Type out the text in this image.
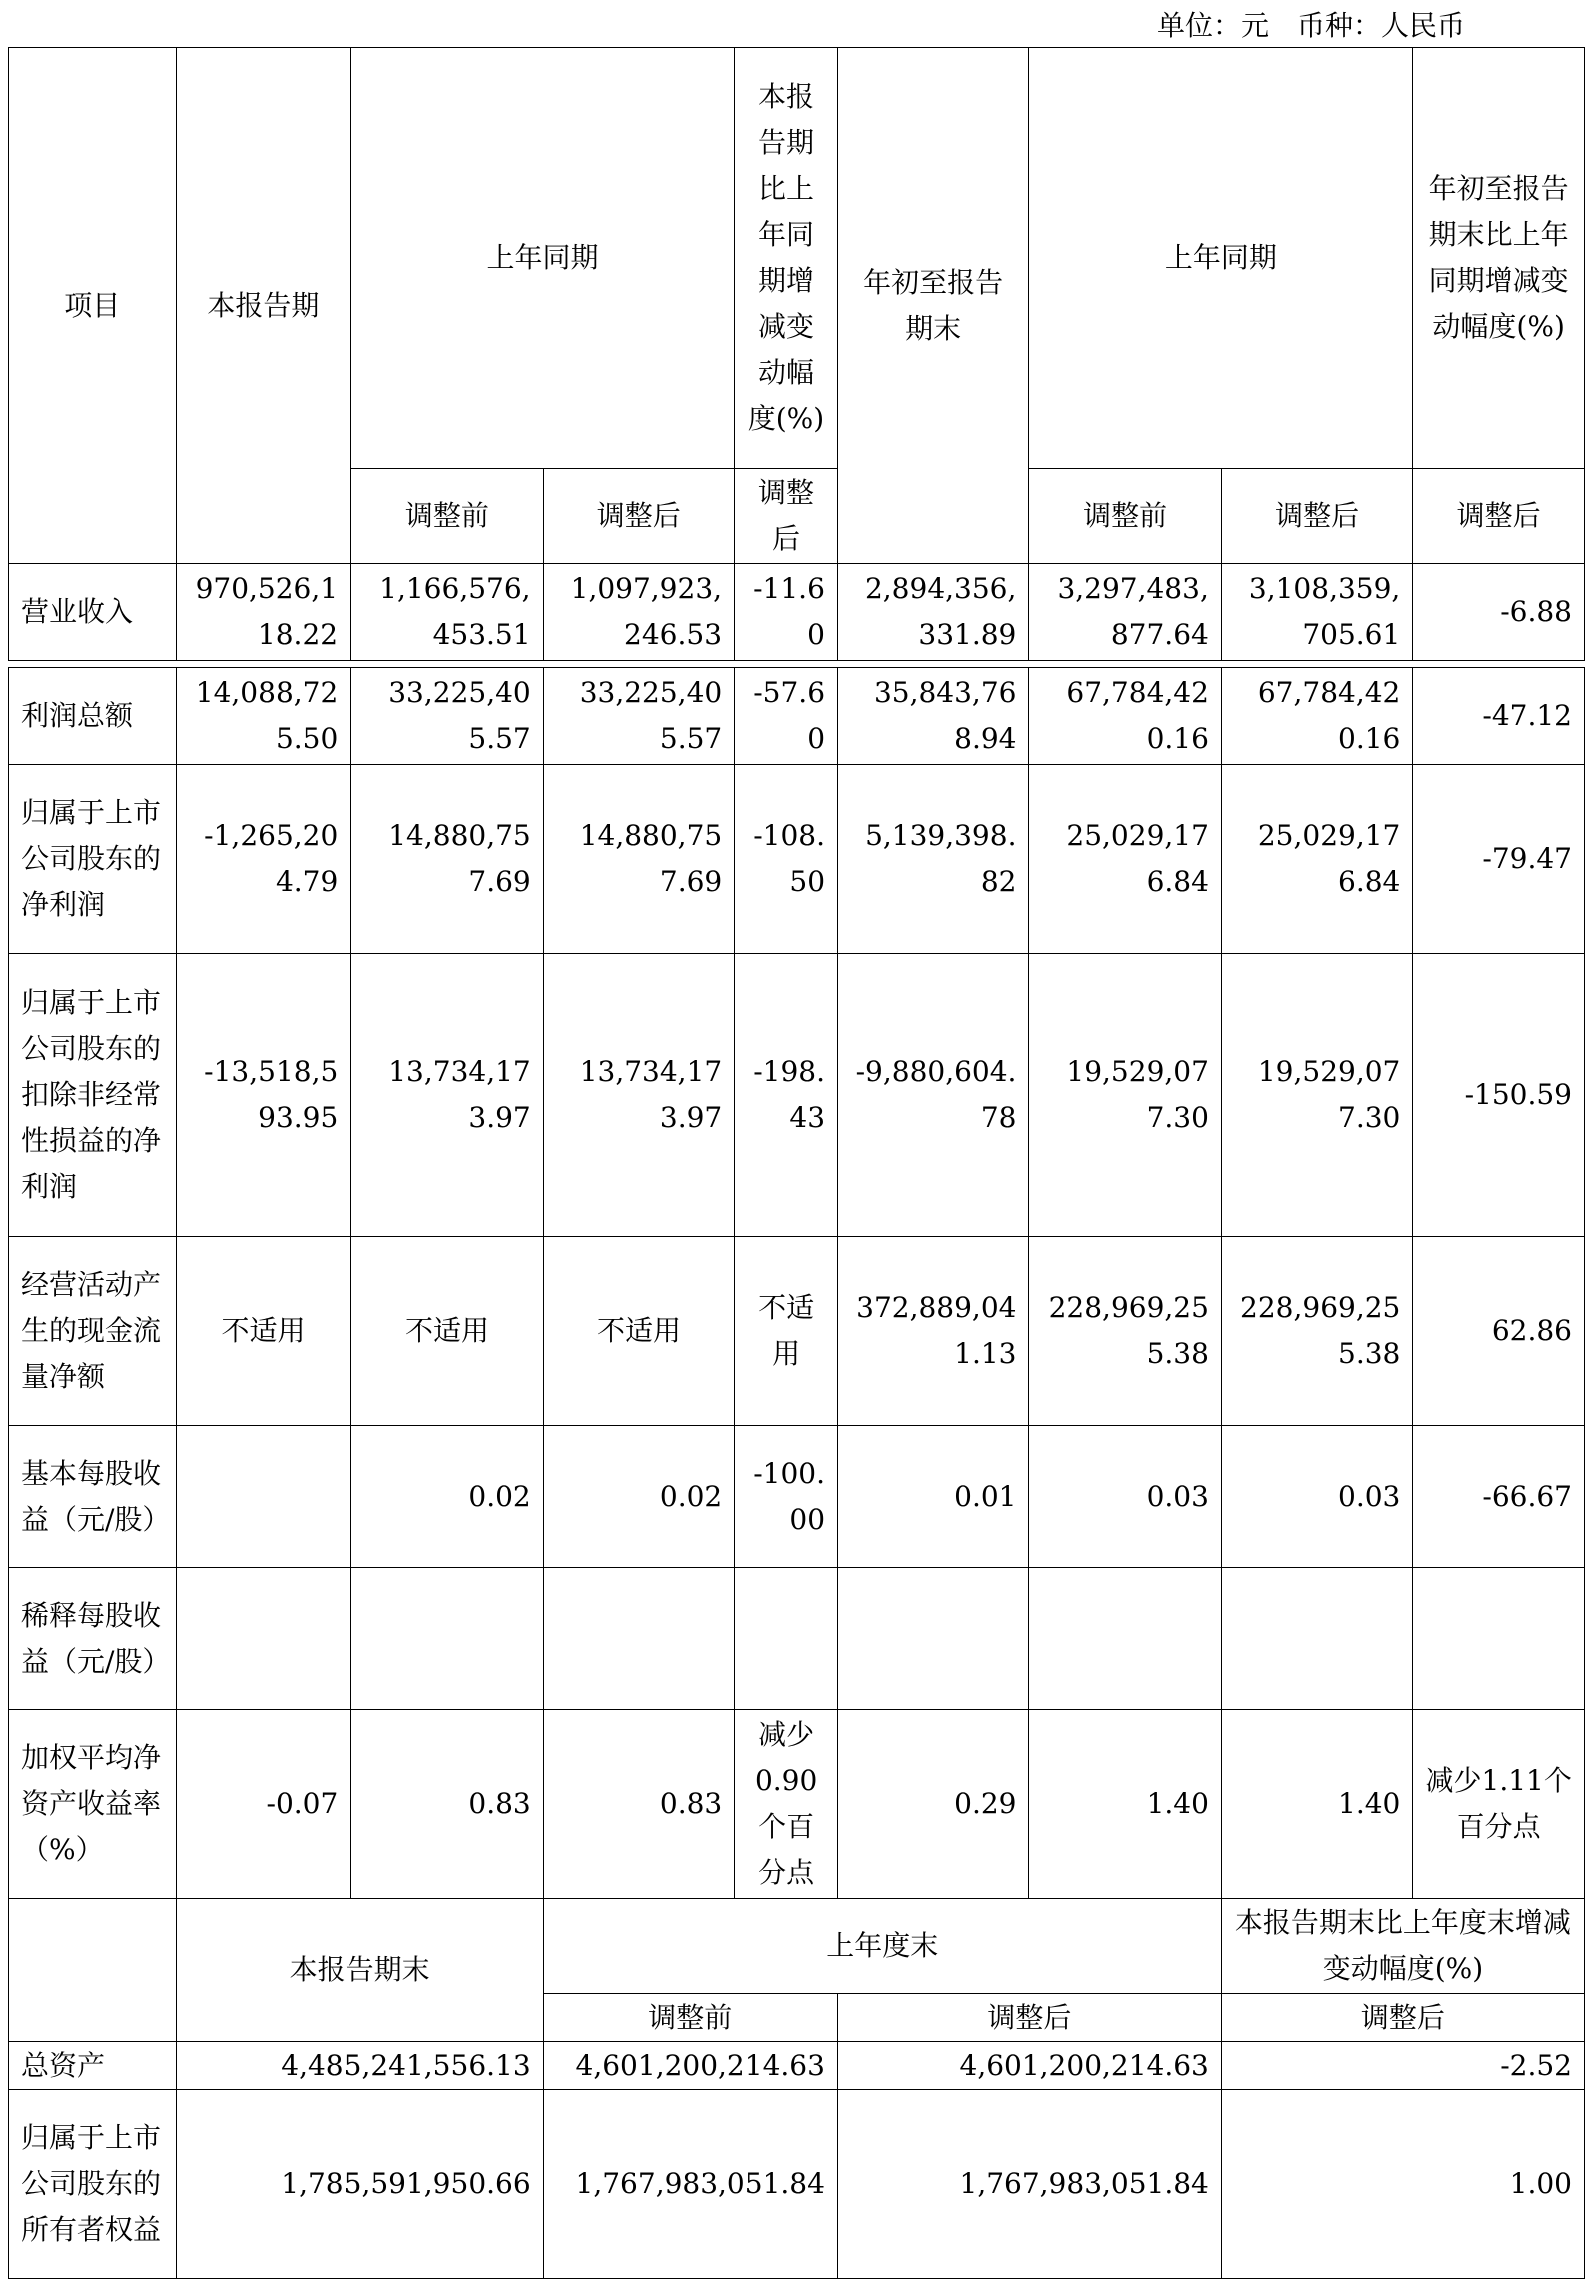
单位：元　币种：人民币
项目	本报告期	上年同期		本报告期比上年同期增减变动幅度(%)	年初至报告期末	上年同期		年初至报告期末比上年同期增减变动幅度(%)
		调整前	调整后	调整后		调整前	调整后	调整后
营业收入	970,526,118.22	1,166,576,453.51	1,097,923,246.53	-11.60	2,894,356,331.89	3,297,483,877.64	3,108,359,705.61	-6.88
利润总额	14,088,725.50	33,225,405.57	33,225,405.57	-57.60	35,843,768.94	67,784,420.16	67,784,420.16	-47.12
归属于上市公司股东的净利润	-1,265,204.79	14,880,757.69	14,880,757.69	-108.50	5,139,398.82	25,029,176.84	25,029,176.84	-79.47
归属于上市公司股东的扣除非经常性损益的净利润	-13,518,593.95	13,734,173.97	13,734,173.97	-198.43	-9,880,604.78	19,529,077.30	19,529,077.30	-150.59
经营活动产生的现金流量净额	不适用	不适用	不适用	不适用	372,889,041.13	228,969,255.38	228,969,255.38	62.86
基本每股收益（元/股）		0.02	0.02	-100.00	0.01	0.03	0.03	-66.67
稀释每股收益（元/股）								
加权平均净资产收益率（%）	-0.07	0.83	0.83	减少0.90个百分点	0.29	1.40	1.40	减少1.11个百分点
	本报告期末	上年度末		本报告期末比上年度末增减变动幅度(%)
		调整前	调整后	调整后
总资产	4,485,241,556.13	4,601,200,214.63	4,601,200,214.63	-2.52
归属于上市公司股东的所有者权益	1,785,591,950.66	1,767,983,051.84	1,767,983,051.84	1.00
